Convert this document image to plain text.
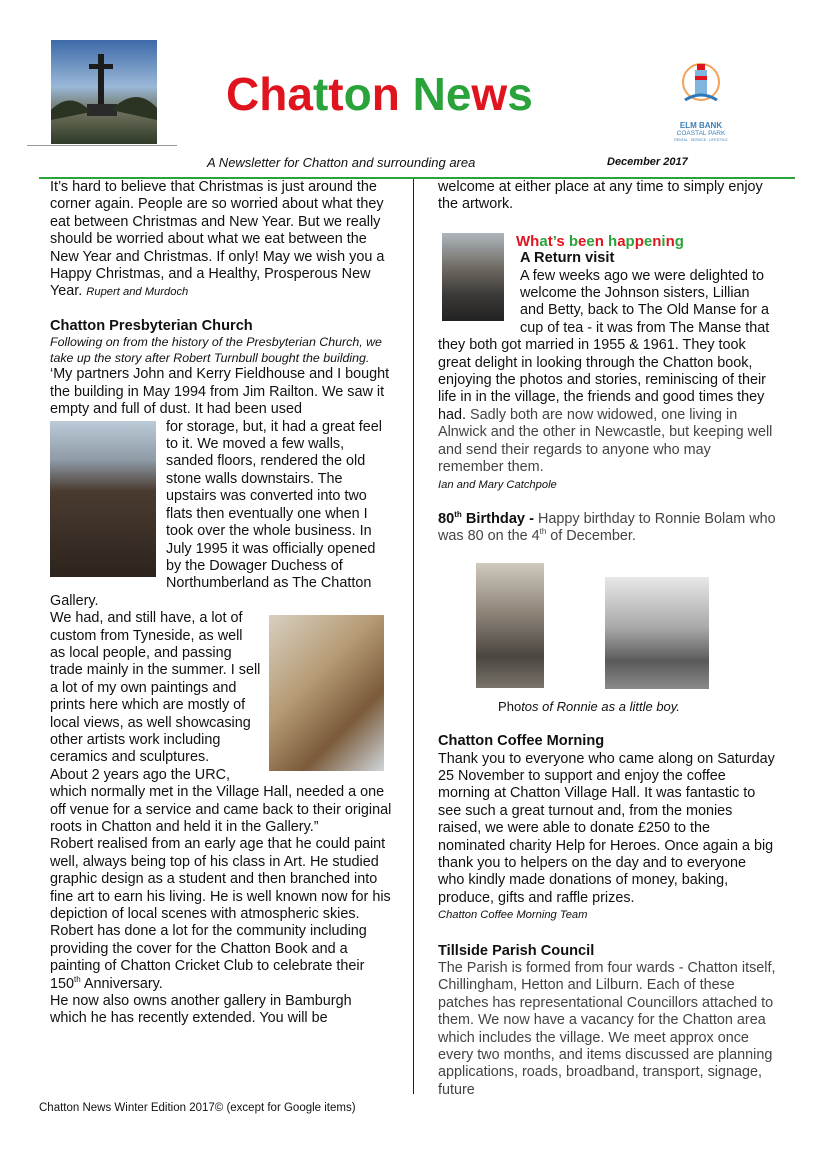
Chatton News
ELM BANK
COASTAL PARK
RENTAL · SERVICE · LIFESTYLE
A Newsletter for Chatton and surrounding area	December 2017

It’s hard to believe that Christmas is just around the corner again. People are so worried about what they eat between Christmas and New Year. But we really should be worried about what we eat between the New Year and Christmas. If only! May we wish you a Happy Christmas, and a Healthy, Prosperous New Year. Rupert and Murdoch

Chatton Presbyterian Church

Following on from the history of the Presbyterian Church, we take up the story after Robert Turnbull bought the building.

‘My partners John and Kerry Fieldhouse and I bought the building in May 1994 from Jim Railton. We saw it empty and full of dust. It had been used

for storage, but, it had a great feel to it. We moved a few walls, sanded floors, rendered the old stone walls downstairs. The upstairs was converted into two flats then eventually one when I took over the whole business. In July 1995 it was officially opened by the Dowager Duchess of Northumberland as The Chatton Gallery.

We had, and still have, a lot of custom from Tyneside, as well as local people, and passing trade mainly in the summer. I sell a lot of my own paintings and prints here which are mostly of local views, as well showcasing other artists work including ceramics and sculptures.

About 2 years ago the URC, which normally met in the Village Hall, needed a one off venue for a service and came back to their original roots in Chatton and held it in the Gallery.”

Robert realised from an early age that he could paint well, always being top of his class in Art. He studied graphic design as a student and then branched into fine art to earn his living. He is well known now for his depiction of local scenes with atmospheric skies. Robert has done a lot for the community including providing the cover for the Chatton Book and a painting of Chatton Cricket Club to celebrate their 150th Anniversary.

He now also owns another gallery in Bamburgh which he has recently extended. You will be

welcome at either place at any time to simply enjoy the artwork.

What’s been happening

A Return visit
A few weeks ago we were delighted to welcome the Johnson sisters, Lillian and Betty, back to The Old Manse for a cup of tea - it was from The Manse that they both got married in 1955 & 1961. They took great delight in looking through the Chatton book, enjoying the photos and stories, reminiscing of their life in in the village, the friends and good times they had. Sadly both are now widowed, one living in Alnwick and the other in Newcastle, but keeping well and send their regards to anyone who may remember them.

Ian and Mary Catchpole

80th Birthday - Happy birthday to Ronnie Bolam who was 80 on the 4th of December.

Photos of Ronnie as a little boy.

Chatton Coffee Morning

Thank you to everyone who came along on Saturday 25 November to support and enjoy the coffee morning at Chatton Village Hall. It was fantastic to see such a great turnout and, from the monies raised, we were able to donate £250 to the nominated charity Help for Heroes. Once again a big thank you to helpers on the day and to everyone who kindly made donations of money, baking, produce, gifts and raffle prizes.

Chatton Coffee Morning Team

Tillside Parish Council

The Parish is formed from four wards - Chatton itself, Chillingham, Hetton and Lilburn. Each of these patches has representational Councillors attached to them. We now have a vacancy for the Chatton area which includes the village. We meet approx once every two months, and items discussed are planning applications, roads, broadband, transport, signage, future

Chatton News Winter Edition 2017© (except for Google items)
